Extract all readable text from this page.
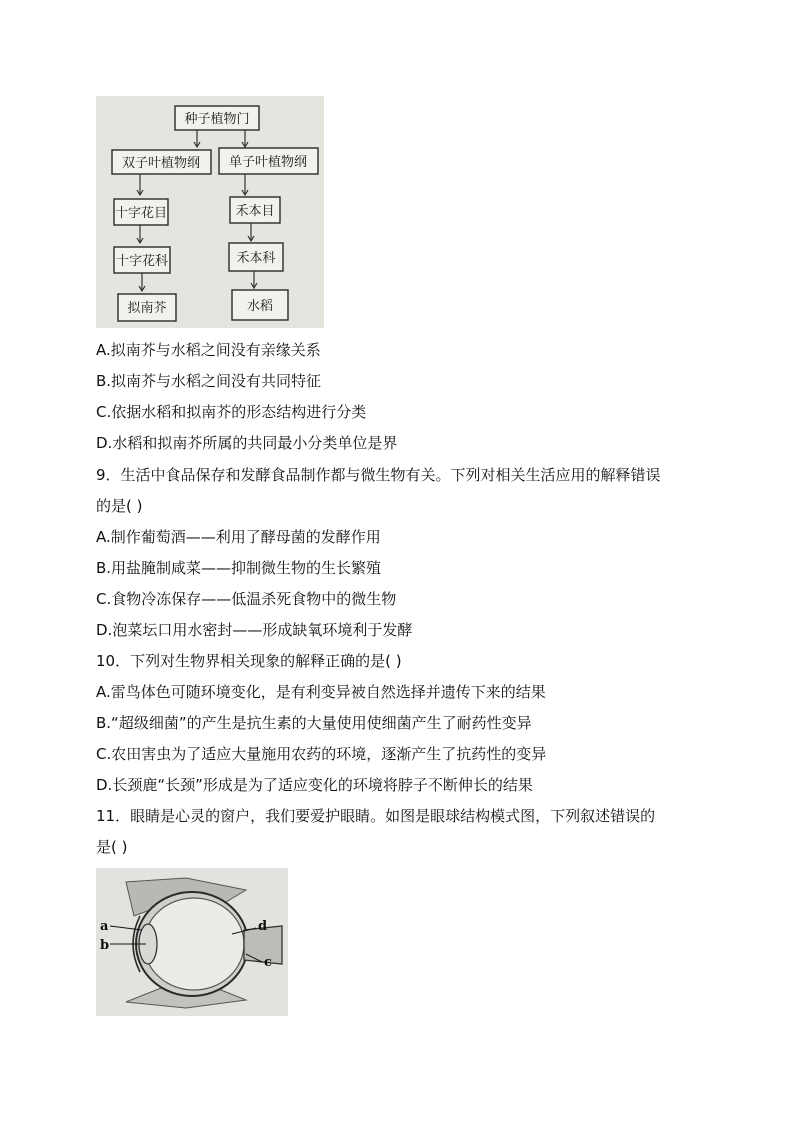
种子植物门
双子叶植物纲 单子叶植物纲
十字花目	禾本目
十字花科	禾本科
拟南芥	水稻
A.拟南芥与水稻之间没有亲缘关系
B.拟南芥与水稻之间没有共同特征
C.依据水稻和拟南芥的形态结构进行分类
D.水稻和拟南芥所属的共同最小分类单位是界
9．生活中食品保存和发酵食品制作都与微生物有关。下列对相关生活应用的解释错误
的是( )
A.制作葡萄酒——利用了酵母菌的发酵作用
B.用盐腌制咸菜——抑制微生物的生长繁殖
C.食物冷冻保存——低温杀死食物中的微生物
D.泡菜坛口用水密封——形成缺氧环境利于发酵
10．下列对生物界相关现象的解释正确的是( )
A.雷鸟体色可随环境变化，是有利变异被自然选择并遗传下来的结果
B.“超级细菌”的产生是抗生素的大量使用使细菌产生了耐药性变异
C.农田害虫为了适应大量施用农药的环境，逐渐产生了抗药性的变异
D.长颈鹿“长颈”形成是为了适应变化的环境将脖子不断伸长的结果
11．眼睛是心灵的窗户，我们要爱护眼睛。如图是眼球结构模式图，下列叙述错误的
是( )
a
b
d
c
